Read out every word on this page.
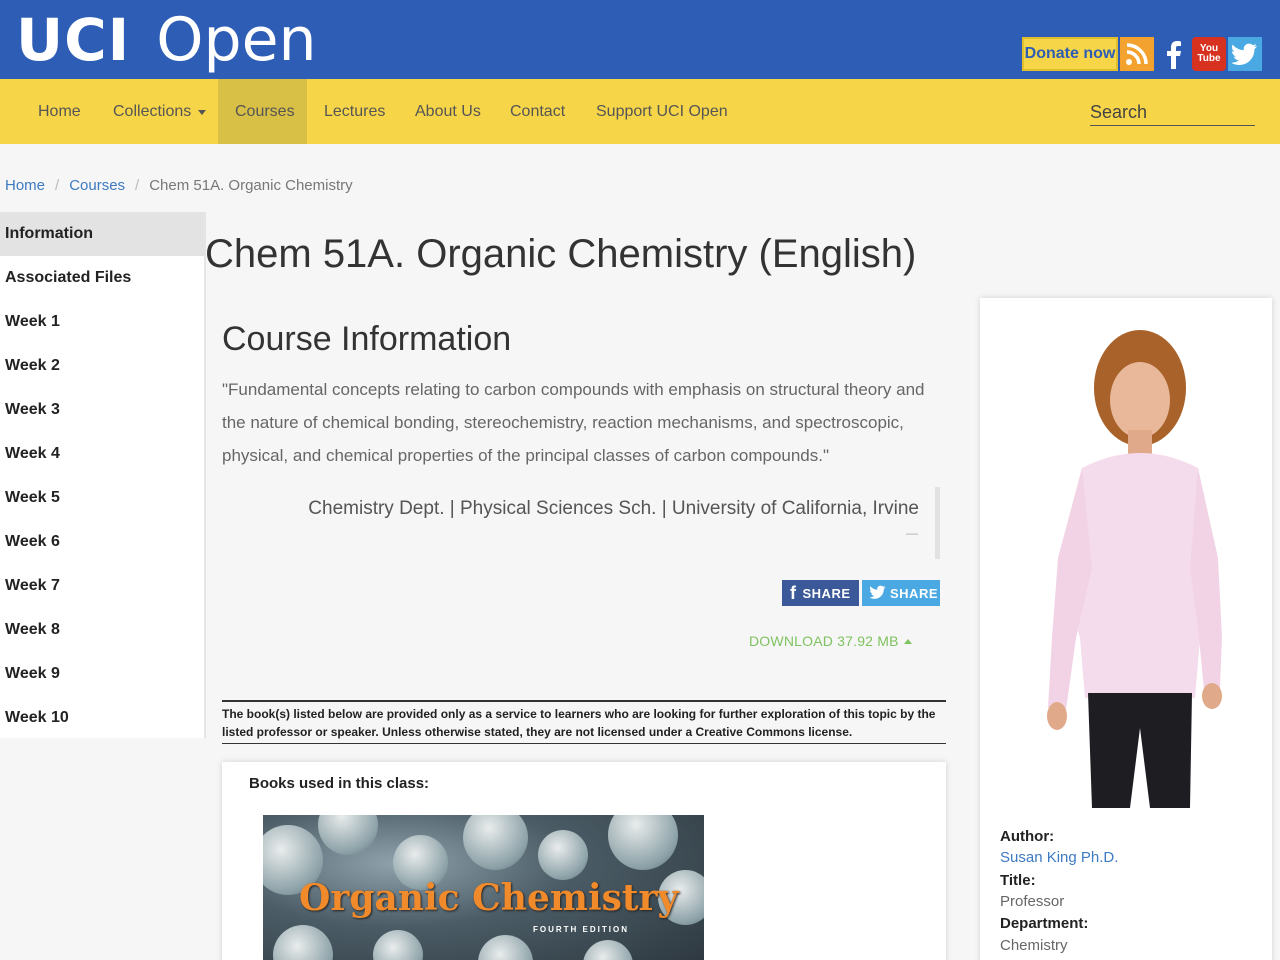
UCI Open	Donate now	You
Tube
Home Collections	Courses	Lectures About Us Contact Support UCI Open	Search
Home / Courses / Chem 51A. Organic Chemistry
Information
Associated Files
Week 1
Week 2
Week 3
Week 4
Week 5
Week 6
Week 7
Week 8
Week 9
Week 10
Chem 51A. Organic Chemistry (English)
Course Information

"Fundamental concepts relating to carbon compounds with emphasis on structural theory and the nature of chemical bonding, stereochemistry, reaction mechanisms, and spectroscopic, physical, and chemical properties of the principal classes of carbon compounds."

Chemistry Dept. | Physical Sciences Sch. | University of California, Irvine
—
f SHARE	SHARE
DOWNLOAD 37.92 MB
The book(s) listed below are provided only as a service to learners who are looking for further exploration of this topic by the listed professor or speaker. Unless otherwise stated, they are not licensed under a Creative Commons license.
Books used in this class:
Organic Chemistry
FOURTH EDITION
Author:
Susan King Ph.D.
Title:
Professor
Department:
Chemistry
